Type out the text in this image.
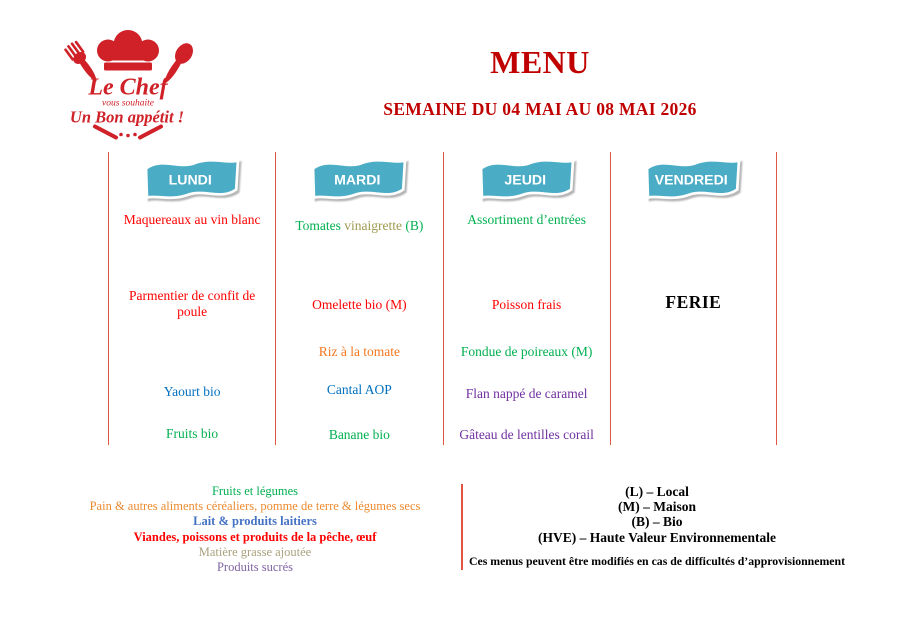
Le Chef
vous souhaite
Un Bon appétit !
MENU
SEMAINE DU 04 MAI AU 08 MAI 2026
LUNDI
Maquereaux au vin blanc
Parmentier de confit de poule
Yaourt bio
Fruits bio
MARDI
Tomates vinaigrette (B)
Omelette bio (M)
Riz à la tomate
Cantal AOP
Banane bio
JEUDI
Assortiment d’entrées
Poisson frais
Fondue de poireaux (M)
Flan nappé de caramel
Gâteau de lentilles corail
VENDREDI
FERIE
Fruits et légumes
Pain & autres aliments céréaliers, pomme de terre & légumes secs
Lait & produits laitiers
Viandes, poissons et produits de la pêche, œuf
Matière grasse ajoutée
Produits sucrés
(L) – Local
(M) – Maison
(B) – Bio
(HVE) – Haute Valeur Environnementale
Ces menus peuvent être modifiés en cas de difficultés d’approvisionnement
